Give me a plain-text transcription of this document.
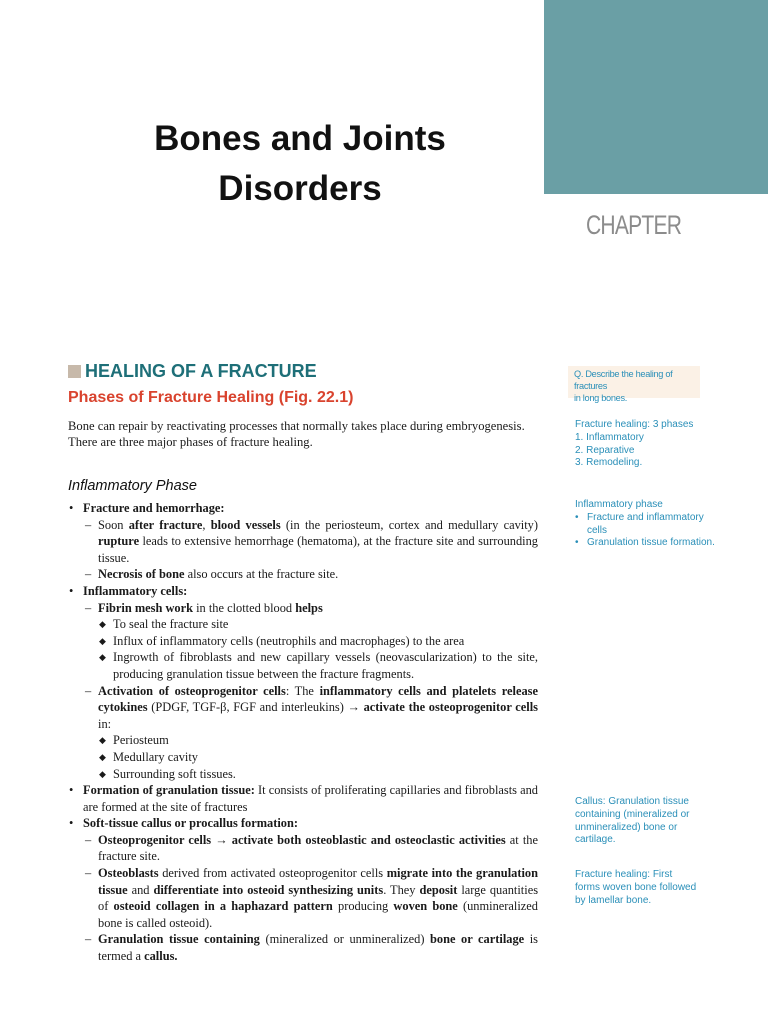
Bones and Joints
Disorders
CHAPTER
HEALING OF A FRACTURE
Phases of Fracture Healing (Fig. 22.1)

Bone can repair by reactivating processes that normally takes place during embryogenesis. There are three major phases of fracture healing.

Inflammatory Phase
• Fracture and hemorrhage:
– Soon after fracture, blood vessels (in the periosteum, cortex and medullary cavity) rupture leads to extensive hemorrhage (hematoma), at the fracture site and surrounding tissue.
– Necrosis of bone also occurs at the fracture site.
• Inflammatory cells:
– Fibrin mesh work in the clotted blood helps
◆ To seal the fracture site
◆ Influx of inflammatory cells (neutrophils and macrophages) to the area
◆ Ingrowth of fibroblasts and new capillary vessels (neovascularization) to the site, producing granulation tissue between the fracture fragments.
– Activation of osteoprogenitor cells: The inflammatory cells and platelets release cytokines (PDGF, TGF-β, FGF and interleukins) → activate the osteoprogenitor cells in:
◆ Periosteum
◆ Medullary cavity
◆ Surrounding soft tissues.
• Formation of granulation tissue: It consists of proliferating capillaries and fibroblasts and are formed at the site of fractures
• Soft-tissue callus or procallus formation:
– Osteoprogenitor cells → activate both osteoblastic and osteoclastic activities at the fracture site.
– Osteoblasts derived from activated osteoprogenitor cells migrate into the granulation tissue and differentiate into osteoid synthesizing units. They deposit large quantities of osteoid collagen in a haphazard pattern producing woven bone (unmineralized bone is called osteoid).
– Granulation tissue containing (mineralized or unmineralized) bone or cartilage is termed a callus.
Q. Describe the healing of fractures
in long bones.
Fracture healing: 3 phases
1. Inflammatory
2. Reparative
3. Remodeling.
Inflammatory phase
• Fracture and inflammatory cells
• Granulation tissue formation.
Callus: Granulation tissue containing (mineralized or unmineralized) bone or cartilage.
Fracture healing: First forms woven bone followed by lamellar bone.
